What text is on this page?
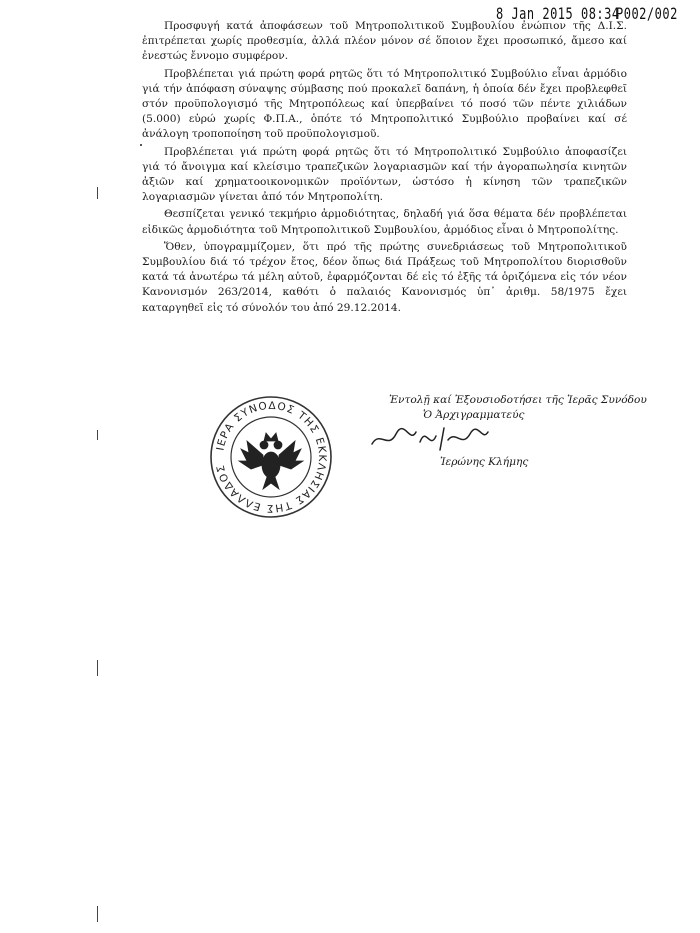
8 Jan 2015 08:34
P002/002

Προσφυγή κατά ἀποφάσεων τοῦ Μητροπολιτικοῦ Συμβουλίου ἐνώπιον τῆς Δ.Ι.Σ. ἐπιτρέπεται χωρίς προθεσμία, ἀλλά πλέον μόνον σέ ὅποιον ἔχει προσωπικό, ἄμεσο καί ἐνεστώς ἔννομο συμφέρον.

Προβλέπεται γιά πρώτη φορά ρητῶς ὅτι τό Μητροπολιτικό Συμβούλιο εἶναι ἁρμόδιο γιά τήν ἀπόφαση σύναψης σύμβασης πού προκαλεῖ δαπάνη, ἡ ὁποία δέν ἔχει προβλεφθεῖ στόν προϋπολογισμό τῆς Μητροπόλεως καί ὑπερβαίνει τό ποσό τῶν πέντε χιλιάδων (5.000) εὐρώ χωρίς Φ.Π.Α., ὁπότε τό Μητροπολιτικό Συμβούλιο προβαίνει καί σέ ἀνάλογη τροποποίηση τοῦ προϋπολογισμοῦ.

Προβλέπεται γιά πρώτη φορά ρητῶς ὅτι τό Μητροπολιτικό Συμβούλιο ἀποφασίζει γιά τό ἄνοιγμα καί κλείσιμο τραπεζικῶν λογαριασμῶν καί τήν ἀγοραπωλησία κινητῶν ἀξιῶν καί χρηματοοικονομικῶν προϊόντων, ὡστόσο ἡ κίνηση τῶν τραπεζικῶν λογαριασμῶν γίνεται ἀπό τόν Μητροπολίτη.

Θεσπίζεται γενικό τεκμήριο ἁρμοδιότητας, δηλαδή γιά ὅσα θέματα δέν προβλέπεται εἰδικῶς ἁρμοδιότητα τοῦ Μητροπολιτικοῦ Συμβουλίου, ἁρμόδιος εἶναι ὁ Μητροπολίτης.

Ὅθεν, ὑπογραμμίζομεν, ὅτι πρό τῆς πρώτης συνεδριάσεως τοῦ Μητροπολιτικοῦ Συμβουλίου διά τό τρέχον ἔτος, δέον ὅπως διά Πράξεως τοῦ Μητροπολίτου διορισθοῦν κατά τά ἀνωτέρω τά μέλη αὐτοῦ, ἐφαρμόζονται δέ εἰς τό ἑξῆς τά ὁριζόμενα εἰς τόν νέον Κανονισμόν 263/2014, καθότι ὁ παλαιός Κανονισμός ὑπ᾽ ἀριθμ. 58/1975 ἔχει καταργηθεῖ εἰς τό σύνολόν του ἀπό 29.12.2014.

ΙΕΡΑ ΣΥΝΟΔΟΣ ΤΗΣ ΕΚΚΛΗΣΙΑΣ ΤΗΣ ΕΛΛΑΔΟΣ
Ἐντολῇ καί Ἐξουσιοδοτήσει τῆς Ἱερᾶς Συνόδου
Ὁ Ἀρχιγραμματεύς
Ἰερώνης Κλήμης
